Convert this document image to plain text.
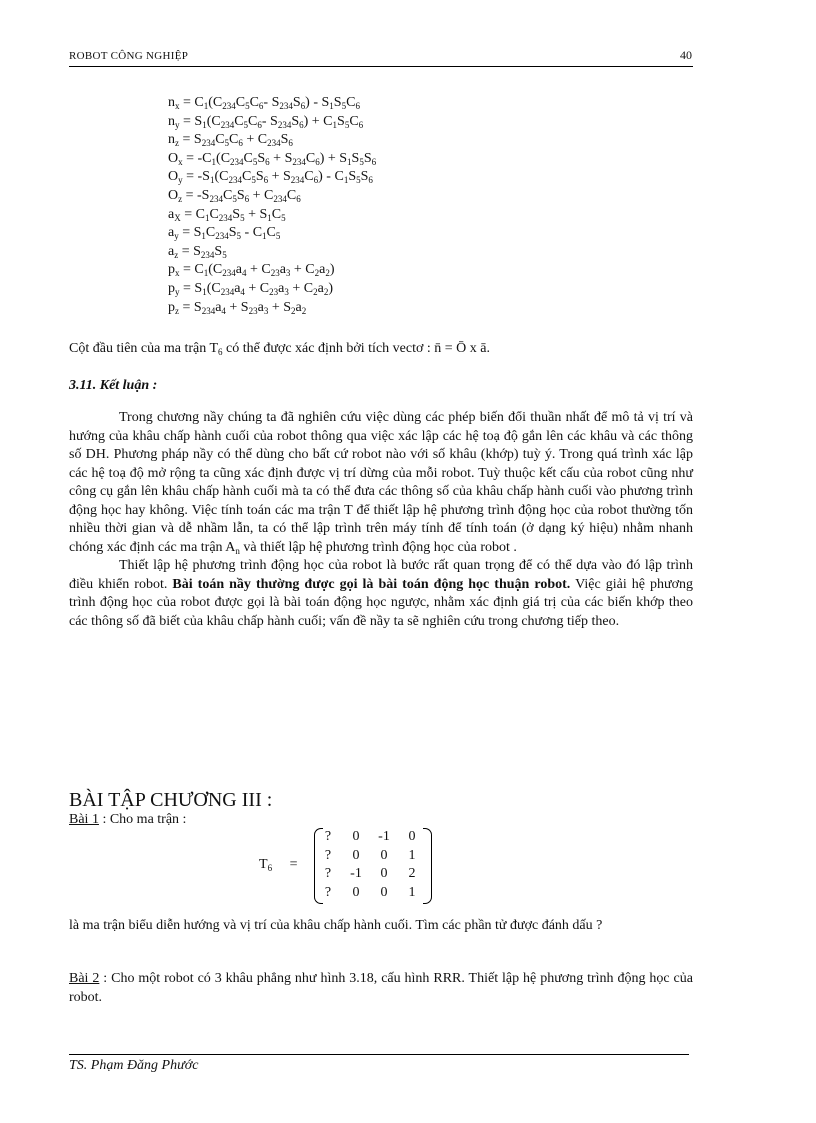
ROBOT CÔNG NGHIỆP	40
$n_x = C_1(C_{234}C_5C_6-$ $S_{234}S_6) - S_1S_5C_6$
$n_y = S_1(C_{234}C_5C_6-$ $S_{234}S_6) + C_1S_5C_6$
$n_z = S_{234}C_5C_6 + C_{234}S_6$
$O_x = -C_1(C_{234}C_5S_6 + S_{234}C_6) + S_1S_5S_6$
$O_y = -S_1(C_{234}C_5S_6 + S_{234}C_6) - C_1S_5S_6$
$O_z = -S_{234}C_5S_6 + C_{234}C_6$
$a_X = C_1C_{234}S_5 + S_1C_5$
$a_y = S_1C_{234}S_5 - C_1C_5$
$a_z = S_{234}S_5$
$p_x = C_1(C_{234}a_4 + C_{23}a_3 + C_2a_2)$
$p_y = S_1(C_{234}a_4 + C_{23}a_3 + C_2a_2)$
$p_z = S_{234}a_4 + S_{23}a_3 + S_2a_2$
Cột đầu tiên của ma trận $T_6$ có thể được xác định bởi tích vectơ : n̄ = Ō x ā.
3.11. Kết luận :

Trong chương nầy chúng ta đã nghiên cứu việc dùng các phép biến đổi thuần nhất để mô tả vị trí và hướng của khâu chấp hành cuối của robot thông qua việc xác lập các hệ toạ độ gắn lên các khâu và các thông số DH. Phương pháp nầy có thể dùng cho bất cứ robot nào với số khâu (khớp) tuỳ ý. Trong quá trình xác lập các hệ toạ độ mở rộng ta cũng xác định được vị trí dừng của mỗi robot. Tuỳ thuộc kết cấu của robot cũng như công cụ gắn lên khâu chấp hành cuối mà ta có thể đưa các thông số của khâu chấp hành cuối vào phương trình động học hay không. Việc tính toán các ma trận T để thiết lập hệ phương trình động học của robot thường tốn nhiều thời gian và dễ nhầm lẫn, ta có thể lập trình trên máy tính để tính toán (ở dạng ký hiệu) nhằm nhanh chóng xác định các ma trận $A_n$ và thiết lập hệ phương trình động học của robot .

Thiết lập hệ phương trình động học của robot là bước rất quan trọng để có thể dựa vào đó lập trình điều khiển robot. Bài toán nầy thường được gọi là bài toán động học thuận robot. Việc giải hệ phương trình động học của robot được gọi là bài toán động học ngược, nhằm xác định giá trị của các biến khớp theo các thông số đã biết của khâu chấp hành cuối; vấn đề nầy ta sẽ nghiên cứu trong chương tiếp theo.

BÀI TẬP CHƯƠNG III :
Bài 1 : Cho ma trận :
$T_6$ =
?	0	-1	0
?	0	0	1
?	-1	0	2
?	0	0	1
là ma trận biểu diễn hướng và vị trí của khâu chấp hành cuối. Tìm các phần tử được đánh dấu ?
Bài 2 : Cho một robot có 3 khâu phẳng như hình 3.18, cấu hình RRR. Thiết lập hệ phương trình động học của robot.
TS. Phạm Đăng Phước
